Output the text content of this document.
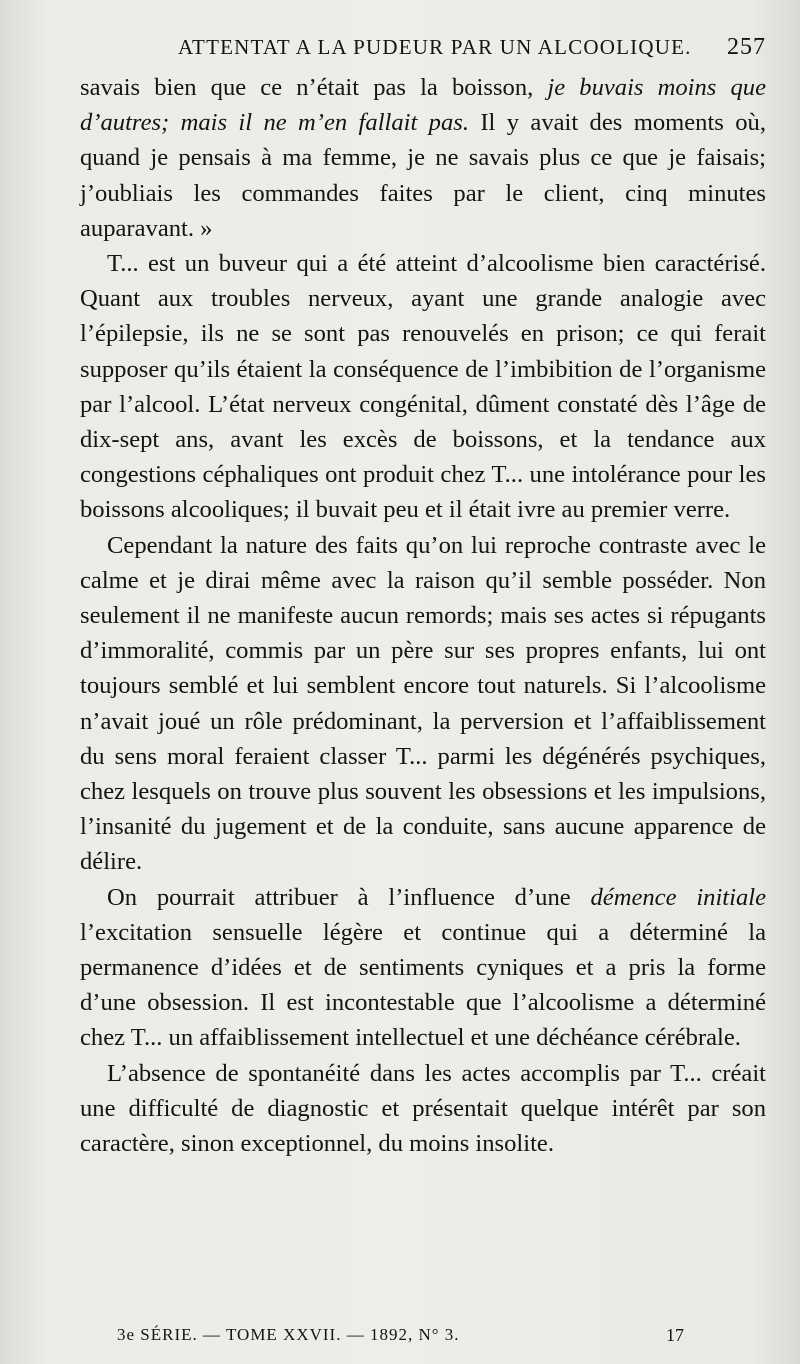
ATTENTAT A LA PUDEUR PAR UN ALCOOLIQUE. 257

savais bien que ce n’était pas la boisson, je buvais moins que d’autres; mais il ne m’en fallait pas. Il y avait des moments où, quand je pensais à ma femme, je ne savais plus ce que je faisais; j’oubliais les commandes faites par le client, cinq minutes auparavant. »

T... est un buveur qui a été atteint d’alcoolisme bien caractérisé. Quant aux troubles nerveux, ayant une grande analogie avec l’épilepsie, ils ne se sont pas renouvelés en prison; ce qui ferait supposer qu’ils étaient la conséquence de l’imbibition de l’organisme par l’alcool. L’état nerveux congénital, dûment constaté dès l’âge de dix-sept ans, avant les excès de boissons, et la tendance aux congestions céphaliques ont produit chez T... une intolérance pour les boissons alcooliques; il buvait peu et il était ivre au premier verre.

Cependant la nature des faits qu’on lui reproche contraste avec le calme et je dirai même avec la raison qu’il semble posséder. Non seulement il ne manifeste aucun remords; mais ses actes si répugants d’immoralité, commis par un père sur ses propres enfants, lui ont toujours semblé et lui semblent encore tout naturels. Si l’alcoolisme n’avait joué un rôle prédominant, la perversion et l’affaiblissement du sens moral feraient classer T... parmi les dégénérés psychiques, chez lesquels on trouve plus souvent les obsessions et les impulsions, l’insanité du jugement et de la conduite, sans aucune apparence de délire.

On pourrait attribuer à l’influence d’une démence initiale l’excitation sensuelle légère et continue qui a déterminé la permanence d’idées et de sentiments cyniques et a pris la forme d’une obsession. Il est incontestable que l’alcoolisme a déterminé chez T... un affaiblissement intellectuel et une déchéance cérébrale.

L’absence de spontanéité dans les actes accomplis par T... créait une difficulté de diagnostic et présentait quelque intérêt par son caractère, sinon exceptionnel, du moins insolite.

3e SÉRIE. — TOME XXVII. — 1892, N° 3.	17
